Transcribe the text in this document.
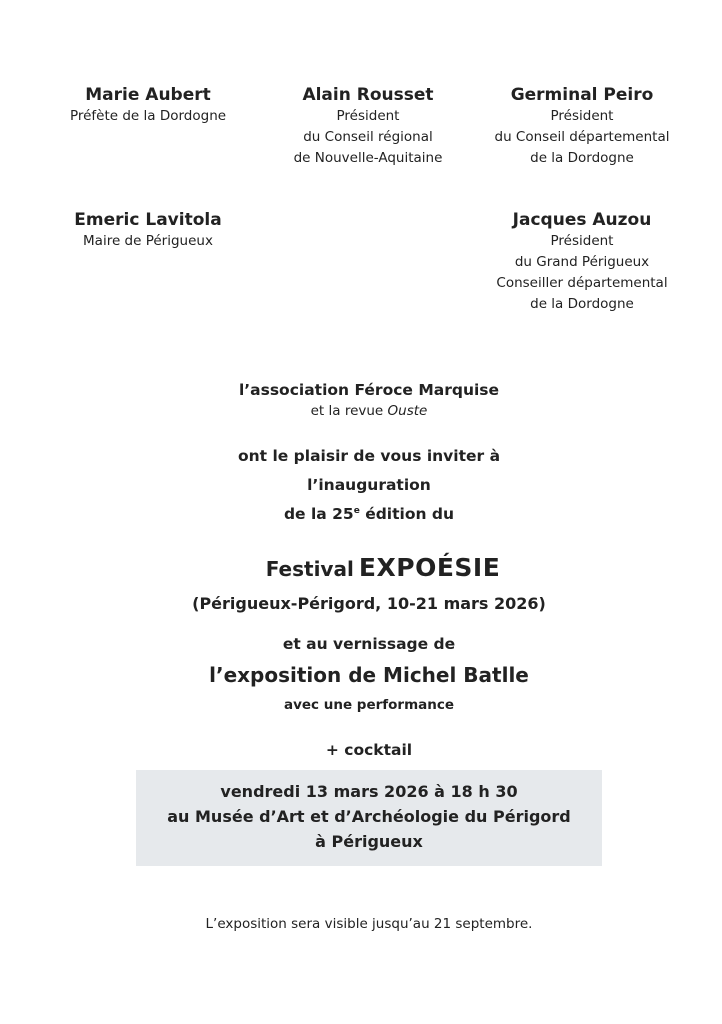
Marie Aubert
Préfète de la Dordogne
Alain Rousset
Président
du Conseil régional
de Nouvelle-Aquitaine
Germinal Peiro
Président
du Conseil départemental
de la Dordogne
Emeric Lavitola
Maire de Périgueux
Jacques Auzou
Président
du Grand Périgueux
Conseiller départemental
de la Dordogne
l’association Féroce Marquise
et la revue Ouste
ont le plaisir de vous inviter à
l’inauguration
de la 25e édition du
Festival EXPOÉSIE
(Périgueux-Périgord, 10-21 mars 2026)
et au vernissage de
l’exposition de Michel Batlle
avec une performance
+ cocktail
vendredi 13 mars 2026 à 18 h 30
au Musée d’Art et d’Archéologie du Périgord
à Périgueux
L’exposition sera visible jusqu’au 21 septembre.
